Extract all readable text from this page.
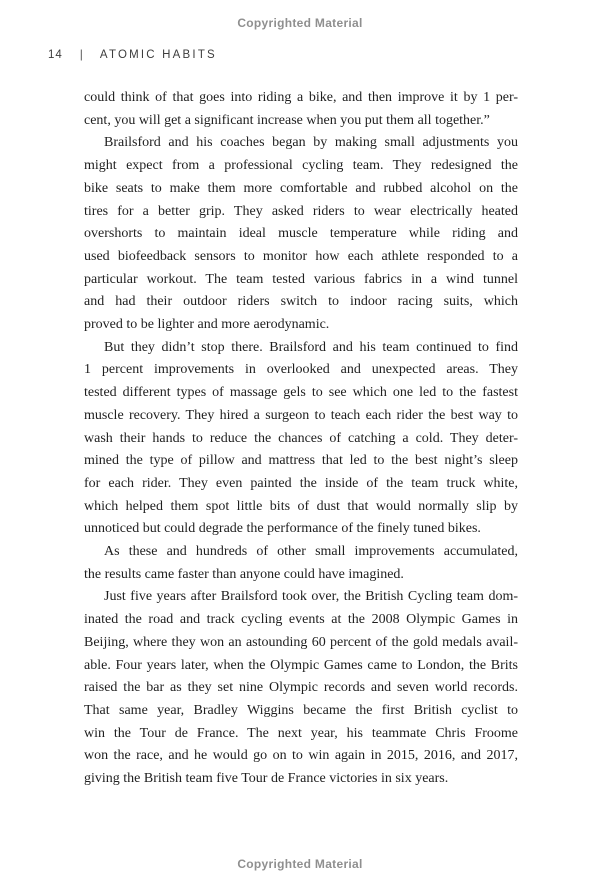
Copyrighted Material
14 | ATOMIC HABITS
could think of that goes into riding a bike, and then improve it by 1 per-
cent, you will get a significant increase when you put them all together.”
Brailsford and his coaches began by making small adjustments you
might expect from a professional cycling team. They redesigned the
bike seats to make them more comfortable and rubbed alcohol on the
tires for a better grip. They asked riders to wear electrically heated
overshorts to maintain ideal muscle temperature while riding and
used biofeedback sensors to monitor how each athlete responded to a
particular workout. The team tested various fabrics in a wind tunnel
and had their outdoor riders switch to indoor racing suits, which
proved to be lighter and more aerodynamic.
But they didn’t stop there. Brailsford and his team continued to find
1 percent improvements in overlooked and unexpected areas. They
tested different types of massage gels to see which one led to the fastest
muscle recovery. They hired a surgeon to teach each rider the best way to
wash their hands to reduce the chances of catching a cold. They deter-
mined the type of pillow and mattress that led to the best night’s sleep
for each rider. They even painted the inside of the team truck white,
which helped them spot little bits of dust that would normally slip by
unnoticed but could degrade the performance of the finely tuned bikes.
As these and hundreds of other small improvements accumulated,
the results came faster than anyone could have imagined.
Just five years after Brailsford took over, the British Cycling team dom-
inated the road and track cycling events at the 2008 Olympic Games in
Beijing, where they won an astounding 60 percent of the gold medals avail-
able. Four years later, when the Olympic Games came to London, the Brits
raised the bar as they set nine Olympic records and seven world records.
That same year, Bradley Wiggins became the first British cyclist to
win the Tour de France. The next year, his teammate Chris Froome
won the race, and he would go on to win again in 2015, 2016, and 2017,
giving the British team five Tour de France victories in six years.
Copyrighted Material
